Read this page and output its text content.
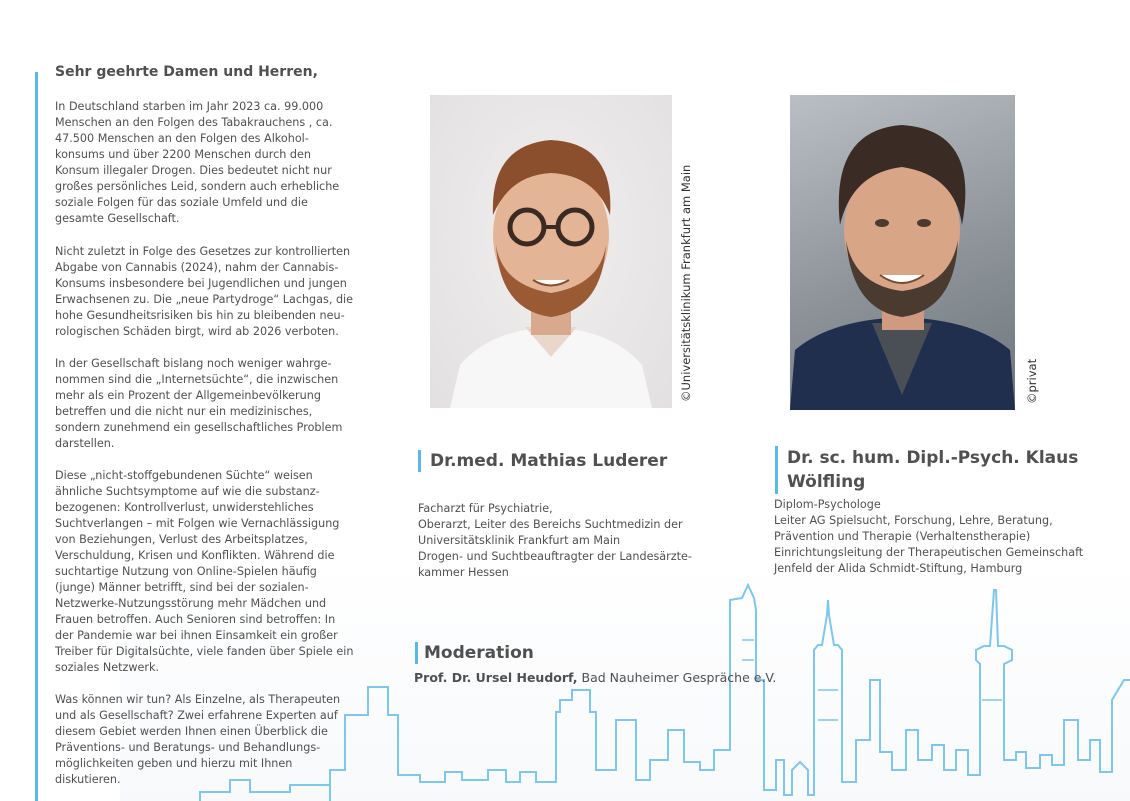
Sehr geehrte Damen und Herren,

In Deutschland starben im Jahr 2023 ca. 99.000 Menschen an den Folgen des Tabakrauchens , ca. 47.500 Menschen an den Folgen des Alkohol-konsums und über 2200 Menschen durch den Konsum illegaler Drogen. Dies bedeutet nicht nur großes persönliches Leid, sondern auch erhebliche soziale Folgen für das soziale Umfeld und die gesamte Gesellschaft.

Nicht zuletzt in Folge des Gesetzes zur kontrollierten Abgabe von Cannabis (2024), nahm der Cannabis-Konsums insbesondere bei Jugendlichen und jungen Erwachsenen zu. Die „neue Partydroge“ Lachgas, die hohe Gesundheitsrisiken bis hin zu bleibenden neu-rologischen Schäden birgt, wird ab 2026 verboten.

In der Gesellschaft bislang noch weniger wahrge-nommen sind die „Internetsüchte“, die inzwischen mehr als ein Prozent der Allgemeinbevölkerung betreffen und die nicht nur ein medizinisches, sondern zunehmend ein gesellschaftliches Problem darstellen.

Diese „nicht-stoffgebundenen Süchte“ weisen ähnliche Suchtsymptome auf wie die substanz-bezogenen: Kontrollverlust, unwiderstehliches Suchtverlangen – mit Folgen wie Vernachlässigung von Beziehungen, Verlust des Arbeitsplatzes, Verschuldung, Krisen und Konflikten. Während die suchtartige Nutzung von Online-Spielen häufig (junge) Männer betrifft, sind bei der sozialen-Netzwerke-Nutzungsstörung mehr Mädchen und Frauen betroffen. Auch Senioren sind betroffen: In der Pandemie war bei ihnen Einsamkeit ein großer Treiber für Digitalsüchte, viele fanden über Spiele ein soziales Netzwerk.

Was können wir tun? Als Einzelne, als Therapeuten und als Gesellschaft? Zwei erfahrene Experten auf diesem Gebiet werden Ihnen einen Überblick die Präventions- und Beratungs- und Behandlungs-möglichkeiten geben und hierzu mit Ihnen diskutieren.

©Universitätsklinikum Frankfurt am Main	©privat
Dr.med. Mathias Luderer
Facharzt für Psychiatrie,
Oberarzt, Leiter des Bereichs Suchtmedizin der
Universitätsklinik Frankfurt am Main
Drogen- und Suchtbeauftragter der Landesärzte-
kammer Hessen
Dr. sc. hum. Dipl.-Psych. Klaus Wölfling
Diplom-Psychologe
Leiter AG Spielsucht, Forschung, Lehre, Beratung,
Prävention und Therapie (Verhaltenstherapie)
Einrichtungsleitung der Therapeutischen Gemeinschaft
Jenfeld der Alida Schmidt-Stiftung, Hamburg
Moderation

Prof. Dr. Ursel Heudorf, Bad Nauheimer Gespräche e.V.
